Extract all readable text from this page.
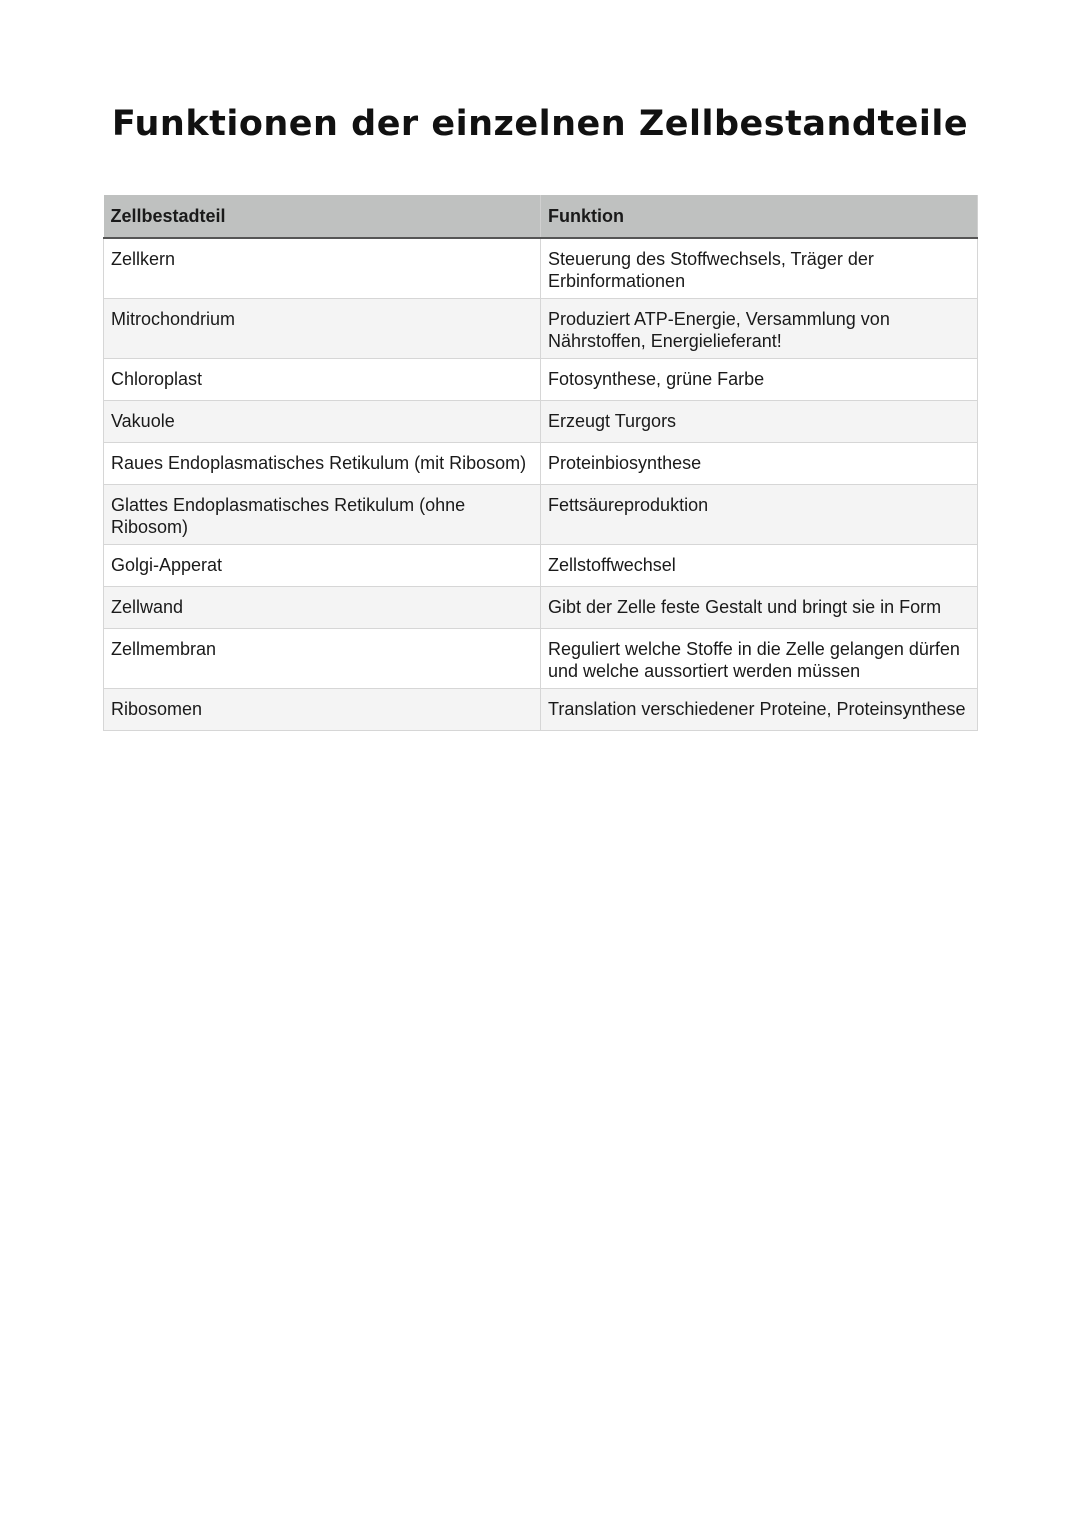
Funktionen der einzelnen Zellbestandteile
Zellbestadteil	Funktion
Zellkern	Steuerung des Stoffwechsels, Träger der Erbinformationen
Mitrochondrium	Produziert ATP-Energie, Versammlung von Nährstoffen, Energielieferant!
Chloroplast	Fotosynthese, grüne Farbe
Vakuole	Erzeugt Turgors
Raues Endoplasmatisches Retikulum (mit Ribosom)	Proteinbiosynthese
Glattes Endoplasmatisches Retikulum (ohne Ribosom)	Fettsäureproduktion
Golgi-Apperat	Zellstoffwechsel
Zellwand	Gibt der Zelle feste Gestalt und bringt sie in Form
Zellmembran	Reguliert welche Stoffe in die Zelle gelangen dürfen und welche aussortiert werden müssen
Ribosomen	Translation verschiedener Proteine, Proteinsynthese
